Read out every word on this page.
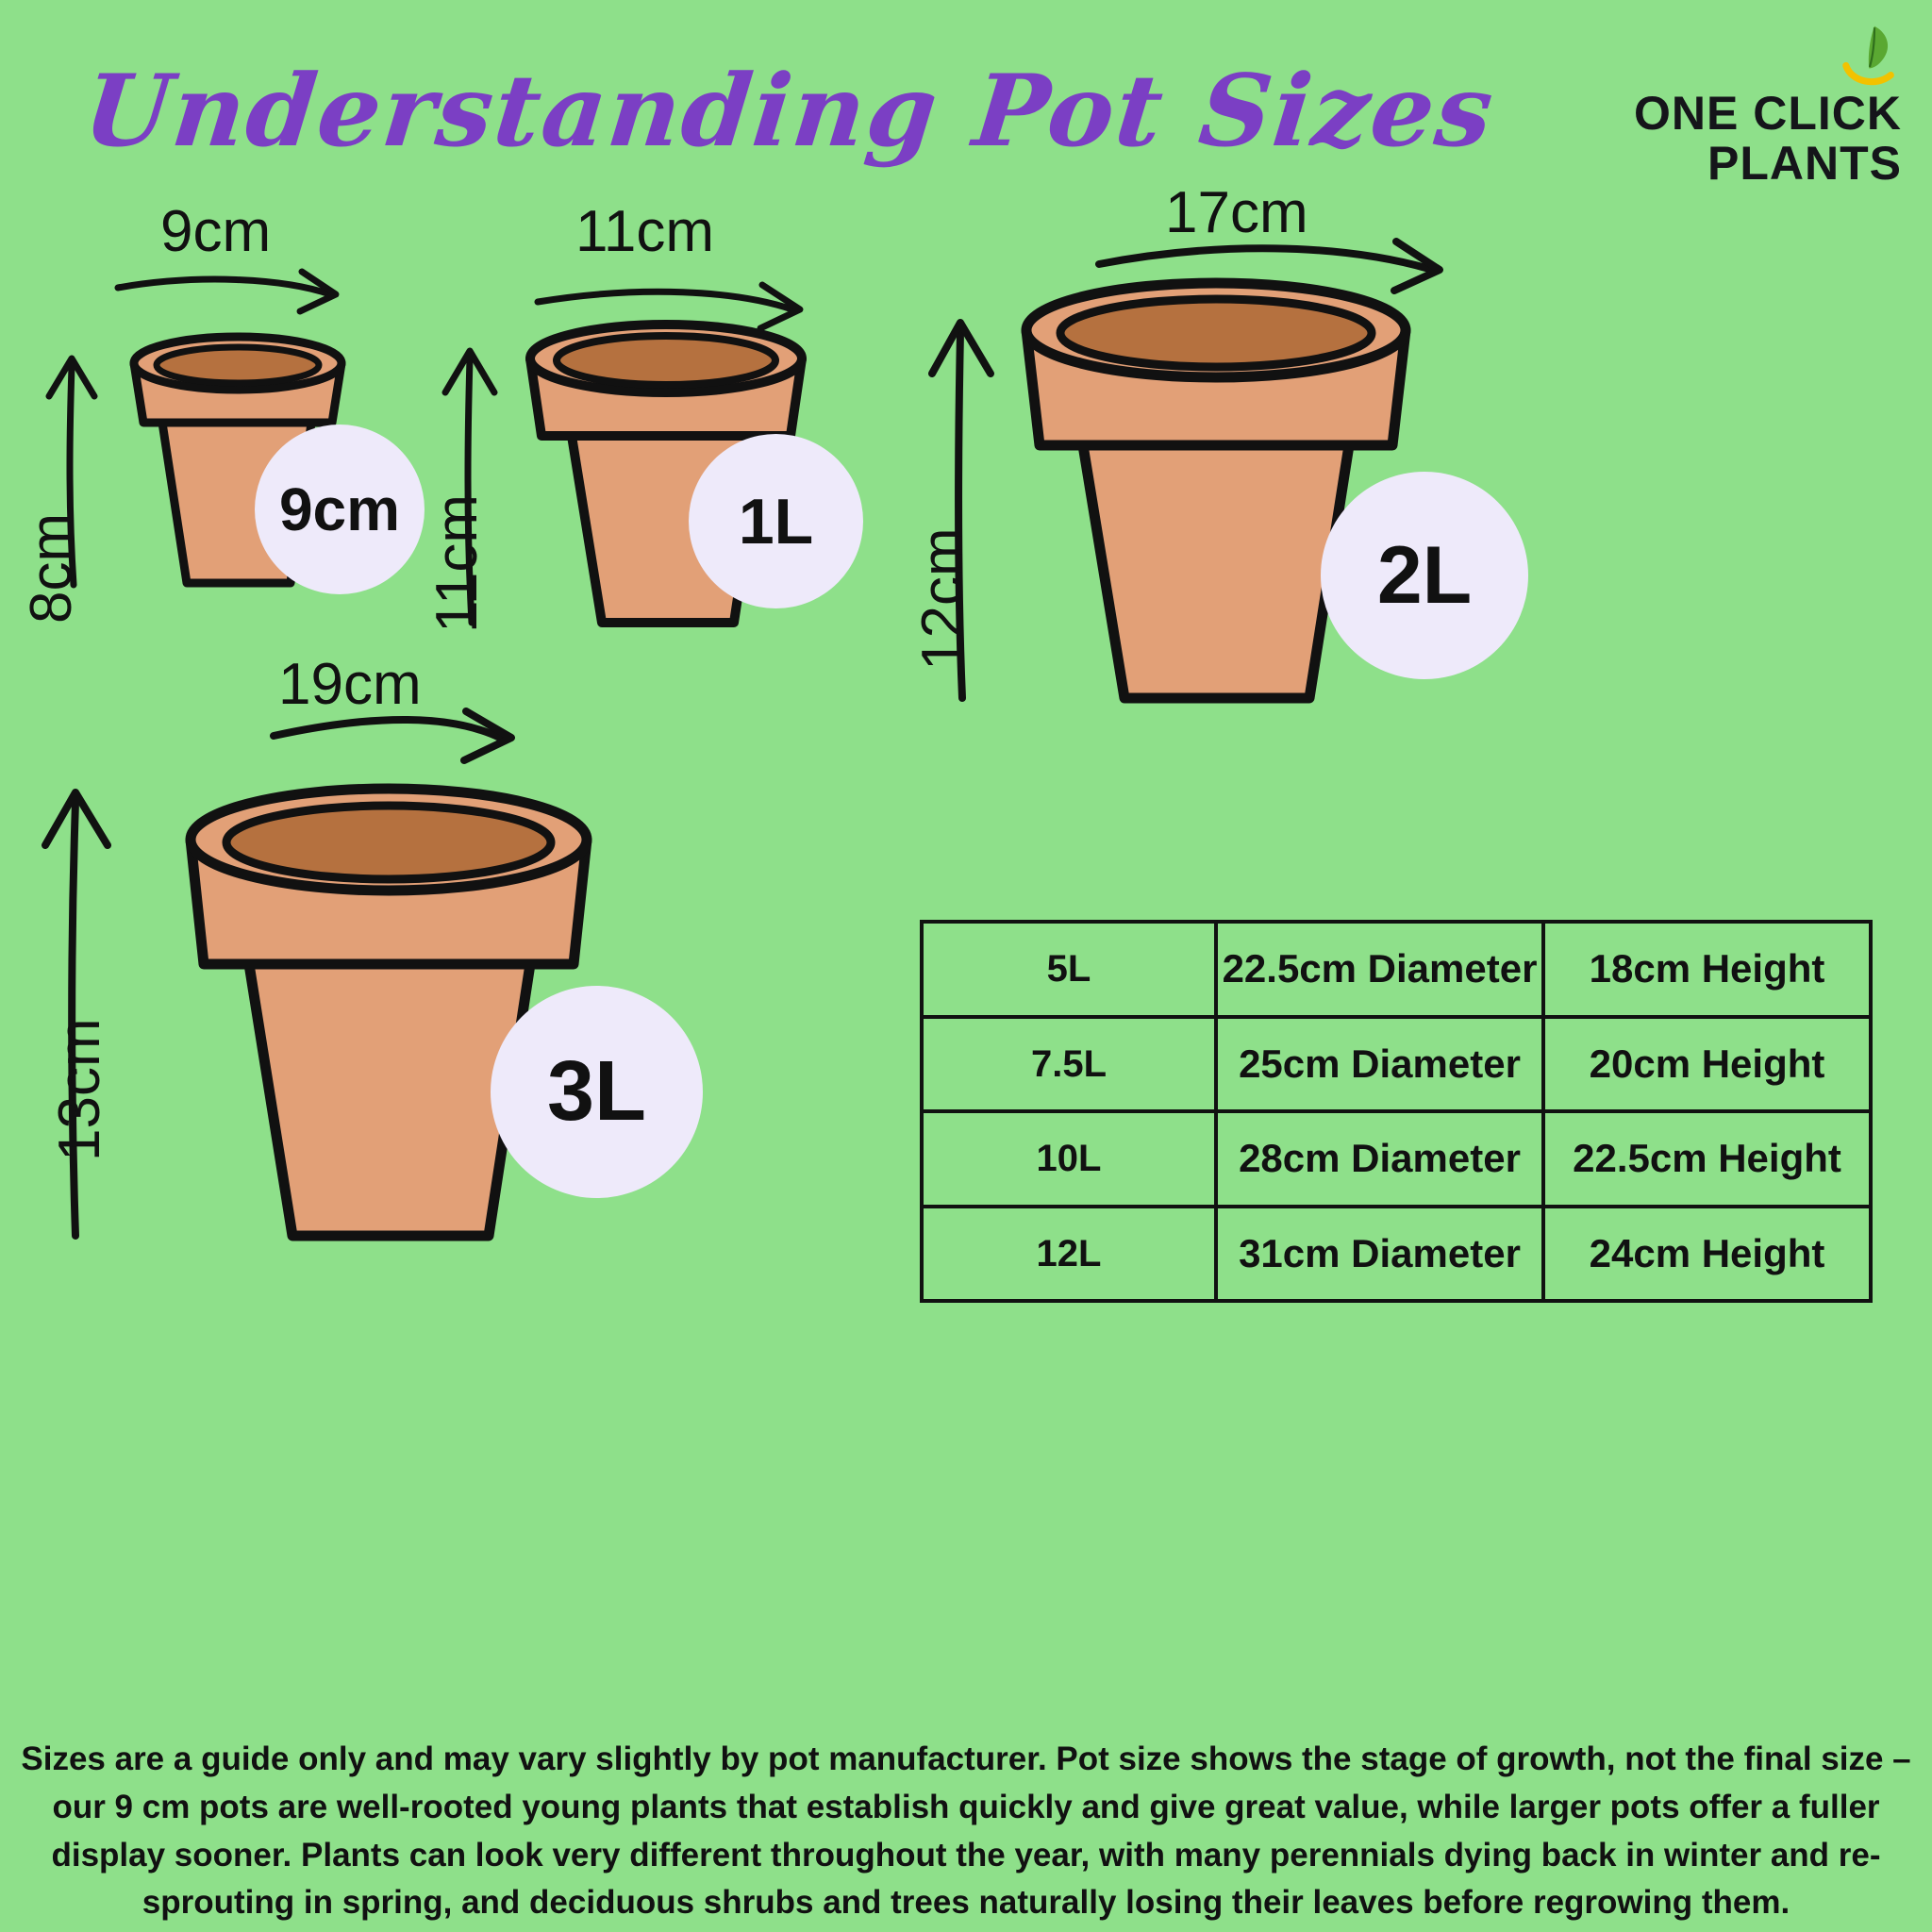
Understanding Pot Sizes	ONE CLICK
PLANTS
9cm
8cm
9cm
11cm
11cm	1L
17cm
12cm	2L
19cm
13cm	3L
5L	22.5cm Diameter	18cm Height
7.5L	25cm Diameter	20cm Height
10L	28cm Diameter	22.5cm Height
12L	31cm Diameter	24cm Height
Sizes are a guide only and may vary slightly by pot manufacturer. Pot size shows the stage of growth, not the final size – our 9 cm pots are well-rooted young plants that establish quickly and give great value, while larger pots offer a fuller display sooner. Plants can look very different throughout the year, with many perennials dying back in winter and re-sprouting in spring, and deciduous shrubs and trees naturally losing their leaves before regrowing them.
